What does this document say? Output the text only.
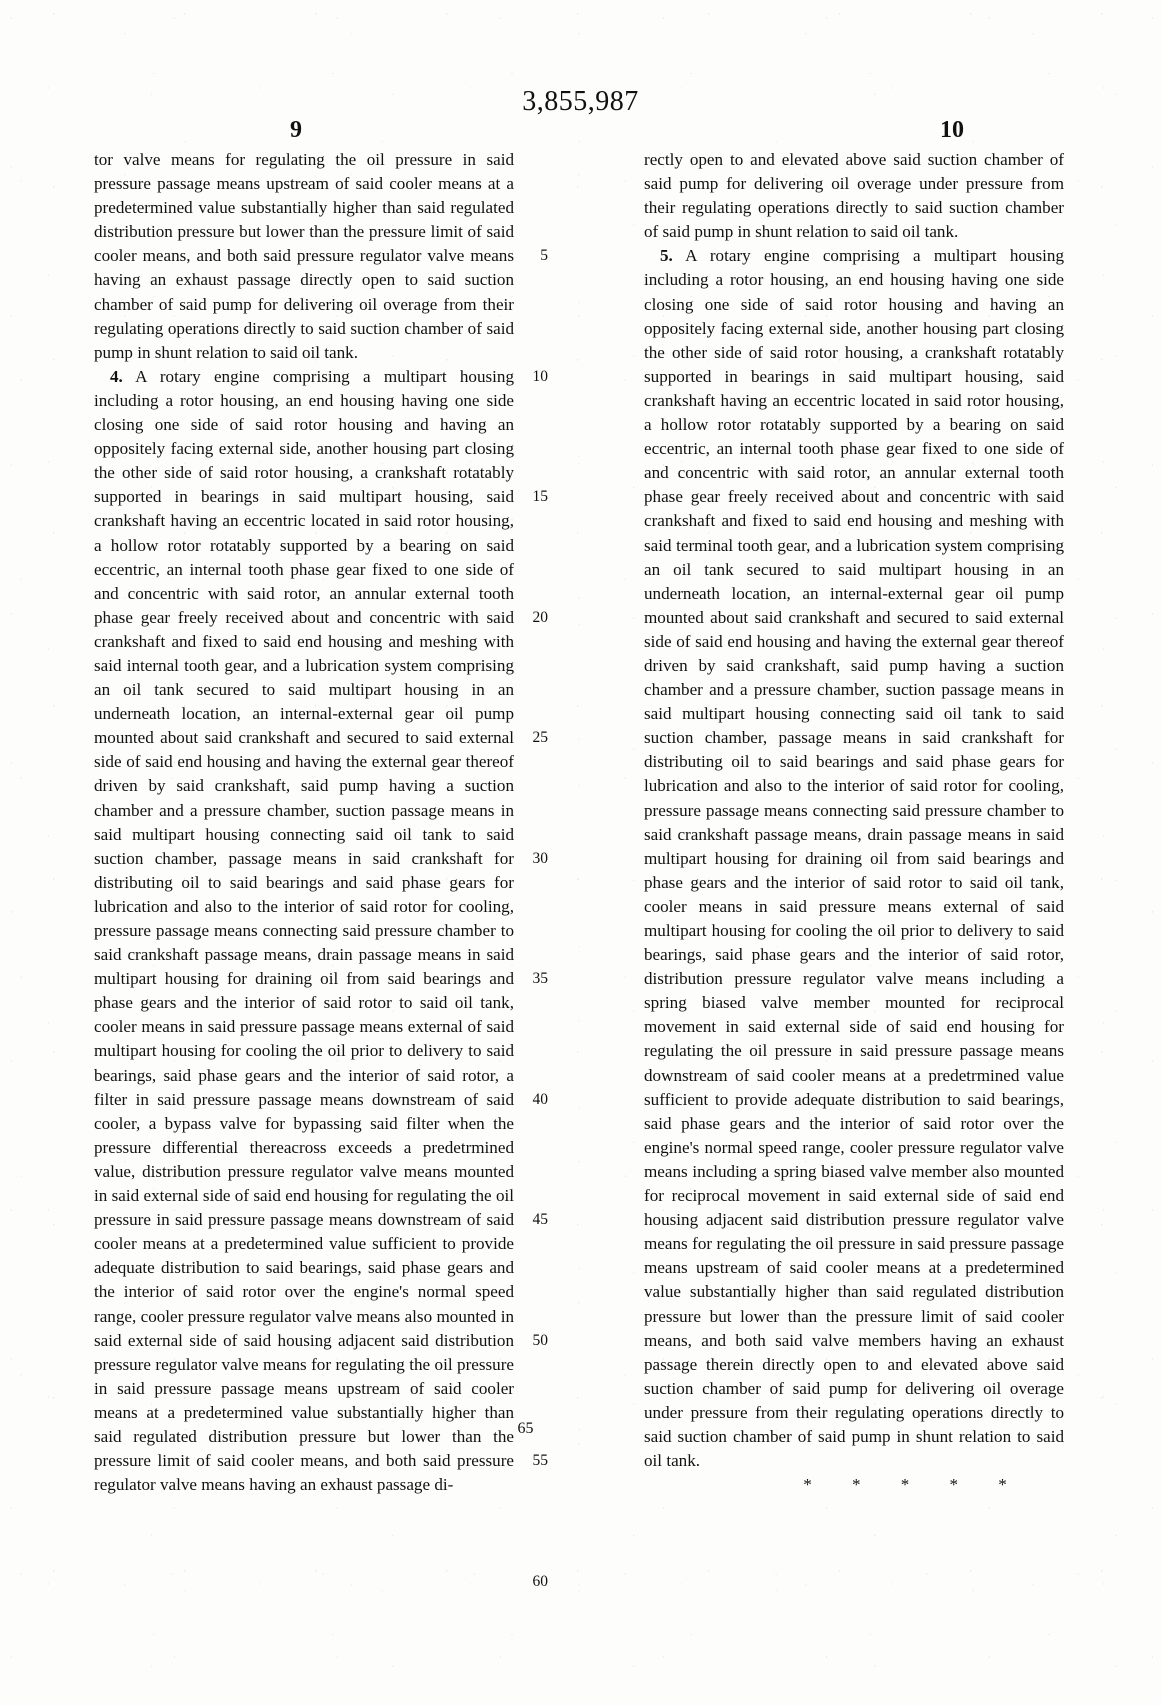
3,855,987
9	10

tor valve means for regulating the oil pressure in said pressure passage means upstream of said cooler means at a predetermined value substantially higher than said regulated distribution pressure but lower than the pressure limit of said cooler means, and both said pressure regulator valve means having an exhaust passage directly open to said suction chamber of said pump for delivering oil overage from their regulating operations directly to said suction chamber of said pump in shunt relation to said oil tank.

4. A rotary engine comprising a multipart housing including a rotor housing, an end housing having one side closing one side of said rotor housing and having an oppositely facing external side, another housing part closing the other side of said rotor housing, a crankshaft rotatably supported in bearings in said multipart housing, said crankshaft having an eccentric located in said rotor housing, a hollow rotor rotatably supported by a bearing on said eccentric, an internal tooth phase gear fixed to one side of and concentric with said rotor, an annular external tooth phase gear freely received about and concentric with said crankshaft and fixed to said end housing and meshing with said internal tooth gear, and a lubrication system comprising an oil tank secured to said multipart housing in an underneath location, an internal-external gear oil pump mounted about said crankshaft and secured to said external side of said end housing and having the external gear thereof driven by said crankshaft, said pump having a suction chamber and a pressure chamber, suction passage means in said multipart housing connecting said oil tank to said suction chamber, passage means in said crankshaft for distributing oil to said bearings and said phase gears for lubrication and also to the interior of said rotor for cooling, pressure passage means connecting said pressure chamber to said crankshaft passage means, drain passage means in said multipart housing for draining oil from said bearings and phase gears and the interior of said rotor to said oil tank, cooler means in said pressure passage means external of said multipart housing for cooling the oil prior to delivery to said bearings, said phase gears and the interior of said rotor, a filter in said pressure passage means downstream of said cooler, a bypass valve for bypassing said filter when the pressure differential thereacross exceeds a predetrmined value, distribution pressure regulator valve means mounted in said external side of said end housing for regulating the oil pressure in said pressure passage means downstream of said cooler means at a predetermined value sufficient to provide adequate distribution to said bearings, said phase gears and the interior of said rotor over the engine's normal speed range, cooler pressure regulator valve means also mounted in said external side of said housing adjacent said distribution pressure regulator valve means for regulating the oil pressure in said pressure passage means upstream of said cooler means at a predetermined value substantially higher than said regulated distribution pressure but lower than the pressure limit of said cooler means, and both said pressure regulator valve means having an exhaust passage di-

rectly open to and elevated above said suction chamber of said pump for delivering oil overage under pressure from their regulating operations directly to said suction chamber of said pump in shunt relation to said oil tank.

5. A rotary engine comprising a multipart housing including a rotor housing, an end housing having one side closing one side of said rotor housing and having an oppositely facing external side, another housing part closing the other side of said rotor housing, a crankshaft rotatably supported in bearings in said multipart housing, said crankshaft having an eccentric located in said rotor housing, a hollow rotor rotatably supported by a bearing on said eccentric, an internal tooth phase gear fixed to one side of and concentric with said rotor, an annular external tooth phase gear freely received about and concentric with said crankshaft and fixed to said end housing and meshing with said terminal tooth gear, and a lubrication system comprising an oil tank secured to said multipart housing in an underneath location, an internal-external gear oil pump mounted about said crankshaft and secured to said external side of said end housing and having the external gear thereof driven by said crankshaft, said pump having a suction chamber and a pressure chamber, suction passage means in said multipart housing connecting said oil tank to said suction chamber, passage means in said crankshaft for distributing oil to said bearings and said phase gears for lubrication and also to the interior of said rotor for cooling, pressure passage means connecting said pressure chamber to said crankshaft passage means, drain passage means in said multipart housing for draining oil from said bearings and phase gears and the interior of said rotor to said oil tank, cooler means in said pressure means external of said multipart housing for cooling the oil prior to delivery to said bearings, said phase gears and the interior of said rotor, distribution pressure regulator valve means including a spring biased valve member mounted for reciprocal movement in said external side of said end housing for regulating the oil pressure in said pressure passage means downstream of said cooler means at a predetrmined value sufficient to provide adequate distribution to said bearings, said phase gears and the interior of said rotor over the engine's normal speed range, cooler pressure regulator valve means including a spring biased valve member also mounted for reciprocal movement in said external side of said end housing adjacent said distribution pressure regulator valve means for regulating the oil pressure in said pressure passage means upstream of said cooler means at a predetermined value substantially higher than said regulated distribution pressure but lower than the pressure limit of said cooler means, and both said valve members having an exhaust passage therein directly open to and elevated above said suction chamber of said pump for delivering oil overage under pressure from their regulating operations directly to said suction chamber of said pump in shunt relation to said oil tank.

* * * * *
5
10
15
20
25
30
35
40
45
50
55
60
65
